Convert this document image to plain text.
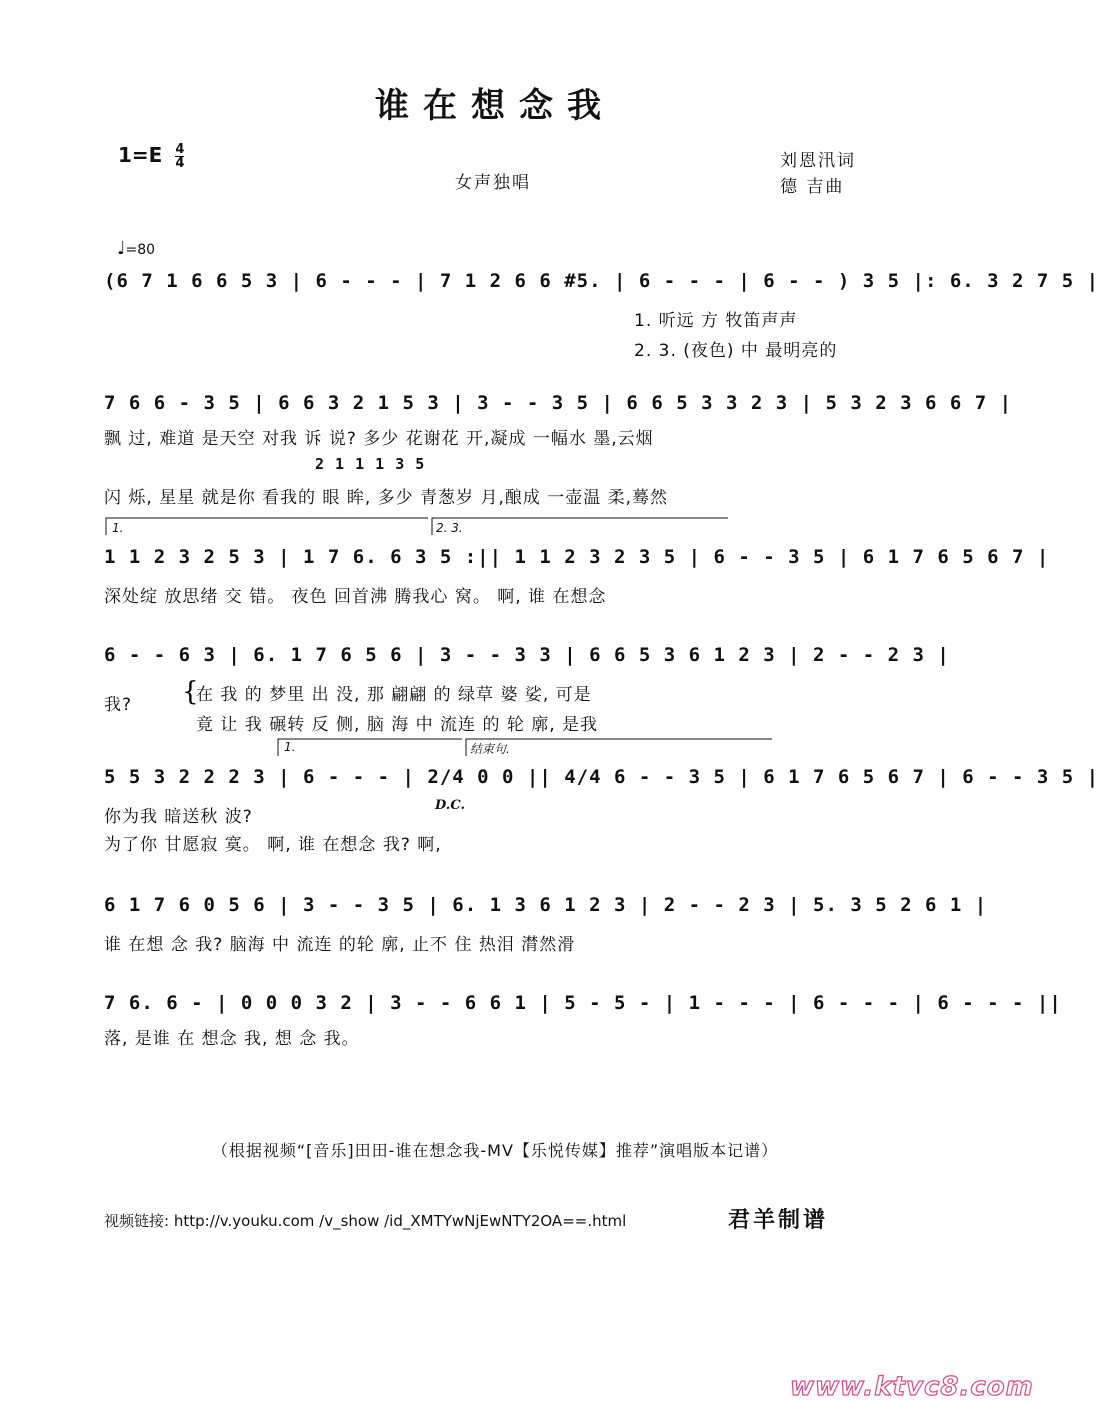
谁在想念我
$1=E \frac{4}{4}$	刘恩汛词
德 吉曲
女声独唱
♩=80
(6 7 1 6 6 5 3 | 6 - - - | 7 1 2 6 6 #5. | 6 - - - | 6 - - ) 3 5 |: 6. 3 2 7 5 |
1. 听远 方 牧笛声声
2. 3. (夜色) 中 最明亮的
7 6 6 - 3 5 | 6 6 3 2 1 5 3 | 3 - - 3 5 | 6 6 5 3 3 2 3 | 5 3 2 3 6 6 7 |
飘 过, 难道 是天空 对我 诉 说? 多少 花谢花 开,凝成 一幅水 墨,云烟
2 1 1 1 3 5
闪 烁, 星星 就是你 看我的 眼 眸, 多少 青葱岁 月,酿成 一壶温 柔,蓦然
1.	2. 3.
1 1 2 3 2 5 3 | 1 7 6. 6 3 5 :|| 1 1 2 3 2 3 5 | 6 - - 3 5 | 6 1 7 6 5 6 7 |
深处绽 放思绪 交 错。 夜色 回首沸 腾我心 窝。 啊, 谁 在想念
6 - - 6 3 | 6. 1 7 6 5 6 | 3 - - 3 3 | 6 6 5 3 6 1 2 3 | 2 - - 2 3 |
我?	在 我 的 梦里 出 没, 那 翩翩 的 绿草 婆 娑, 可是
竟 让 我 碾转 反 侧, 脑 海 中 流连 的 轮 廓, 是我
1.	结束句.
5 5 3 2 2 2 3 | 6 - - - | 2/4 0 0 || 4/4 6 - - 3 5 | 6 1 7 6 5 6 7 | 6 - - 3 5 |
D.C.
你为我 暗送秋 波?
为了你 甘愿寂 寞。 啊, 谁 在想念 我? 啊,
6 1 7 6 0 5 6 | 3 - - 3 5 | 6. 1 3 6 1 2 3 | 2 - - 2 3 | 5. 3 5 2 6 1 |
谁 在想 念 我? 脑海 中 流连 的轮 廓, 止不 住 热泪 潸然滑
7 6. 6 - | 0 0 0 3 2 | 3 - - 6 6 1 | 5 - 5 - | 1 - - - | 6 - - - | 6 - - - ||
落, 是谁 在 想念 我, 想 念 我。
{
（根据视频“[音乐]田田-谁在想念我-MV【乐悦传媒】推荐”演唱版本记谱）
视频链接: http://v.youku.com /v_show /id_XMTYwNjEwNTY2OA==.html	君羊制谱
www.ktvc8.com
